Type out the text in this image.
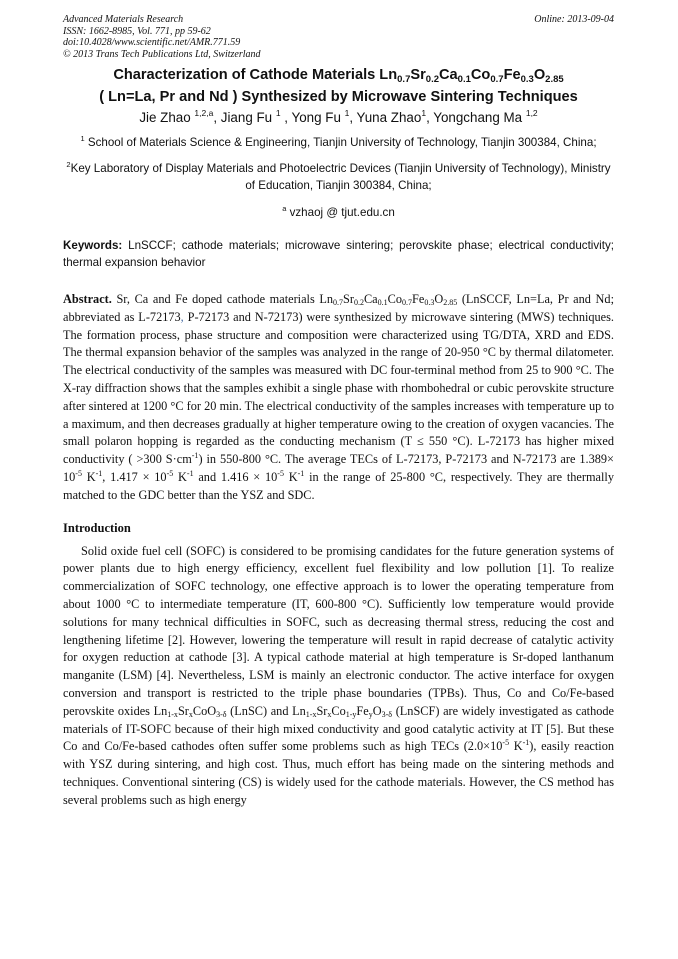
Advanced Materials Research
ISSN: 1662-8985, Vol. 771, pp 59-62
doi:10.4028/www.scientific.net/AMR.771.59
© 2013 Trans Tech Publications Ltd, Switzerland
Online: 2013-09-04
Characterization of Cathode Materials $Ln_{0.7}Sr_{0.2}Ca_{0.1}Co_{0.7}Fe_{0.3}O_{2.85}$
( Ln=La, Pr and Nd ) Synthesized by Microwave Sintering Techniques
Jie Zhao $^{1,2,a}$, Jiang Fu $^1$ , Yong Fu $^1$, Yuna Zhao$^1$, Yongchang Ma $^{1,2}$
$^1$ School of Materials Science & Engineering, Tianjin University of Technology, Tianjin 300384, China;
$^2$Key Laboratory of Display Materials and Photoelectric Devices (Tianjin University of Technology), Ministry of Education, Tianjin 300384, China;
$^a$ vzhaoj @ tjut.edu.cn
Keywords: LnSCCF; cathode materials; microwave sintering; perovskite phase; electrical conductivity; thermal expansion behavior
Abstract. Sr, Ca and Fe doped cathode materials $Ln_{0.7}Sr_{0.2}Ca_{0.1}Co_{0.7}Fe_{0.3}O_{2.85}$ (LnSCCF, Ln=La, Pr and Nd; abbreviated as L-72173, P-72173 and N-72173) were synthesized by microwave sintering (MWS) techniques. The formation process, phase structure and composition were characterized using TG/DTA, XRD and EDS. The thermal expansion behavior of the samples was analyzed in the range of 20-950 °C by thermal dilatometer. The electrical conductivity of the samples was measured with DC four-terminal method from 25 to 900 °C. The X-ray diffraction shows that the samples exhibit a single phase with rhombohedral or cubic perovskite structure after sintered at 1200 °C for 20 min. The electrical conductivity of the samples increases with temperature up to a maximum, and then decreases gradually at higher temperature owing to the creation of oxygen vacancies. The small polaron hopping is regarded as the conducting mechanism (T ≤ 550 °C). L-72173 has higher mixed conductivity ( >300 $S\cdot cm^{-1}$) in 550-800 °C. The average TECs of L-72173, P-72173 and N-72173 are $1.389\times 10^{-5}$ $K^{-1}$, $1.417 \times 10^{-5}$ $K^{-1}$ and $1.416 \times 10^{-5}$ $K^{-1}$ in the range of 25-800 °C, respectively. They are thermally matched to the GDC better than the YSZ and SDC.
Introduction
Solid oxide fuel cell (SOFC) is considered to be promising candidates for the future generation systems of power plants due to high energy efficiency, excellent fuel flexibility and low pollution [1]. To realize commercialization of SOFC technology, one effective approach is to lower the operating temperature from about 1000 °C to intermediate temperature (IT, 600-800 °C). Sufficiently low temperature would provide solutions for many technical difficulties in SOFC, such as decreasing thermal stress, reducing the cost and lengthening lifetime [2]. However, lowering the temperature will result in rapid decrease of catalytic activity for oxygen reduction at cathode [3]. A typical cathode material at high temperature is Sr-doped lanthanum manganite (LSM) [4]. Nevertheless, LSM is mainly an electronic conductor. The active interface for oxygen conversion and transport is restricted to the triple phase boundaries (TPBs). Thus, Co and Co/Fe-based perovskite oxides $Ln_{1-x}Sr_xCoO_{3-\delta}$ (LnSC) and $Ln_{1-x}Sr_xCo_{1-y}Fe_yO_{3-\delta}$ (LnSCF) are widely investigated as cathode materials of IT-SOFC because of their high mixed conductivity and good catalytic activity at IT [5]. But these Co and Co/Fe-based cathodes often suffer some problems such as high TECs ($2.0\times 10^{-5}$ $K^{-1}$), easily reaction with YSZ during sintering, and high cost. Thus, much effort has being made on the sintering methods and techniques. Conventional sintering (CS) is widely used for the cathode materials. However, the CS method has several problems such as high energy
